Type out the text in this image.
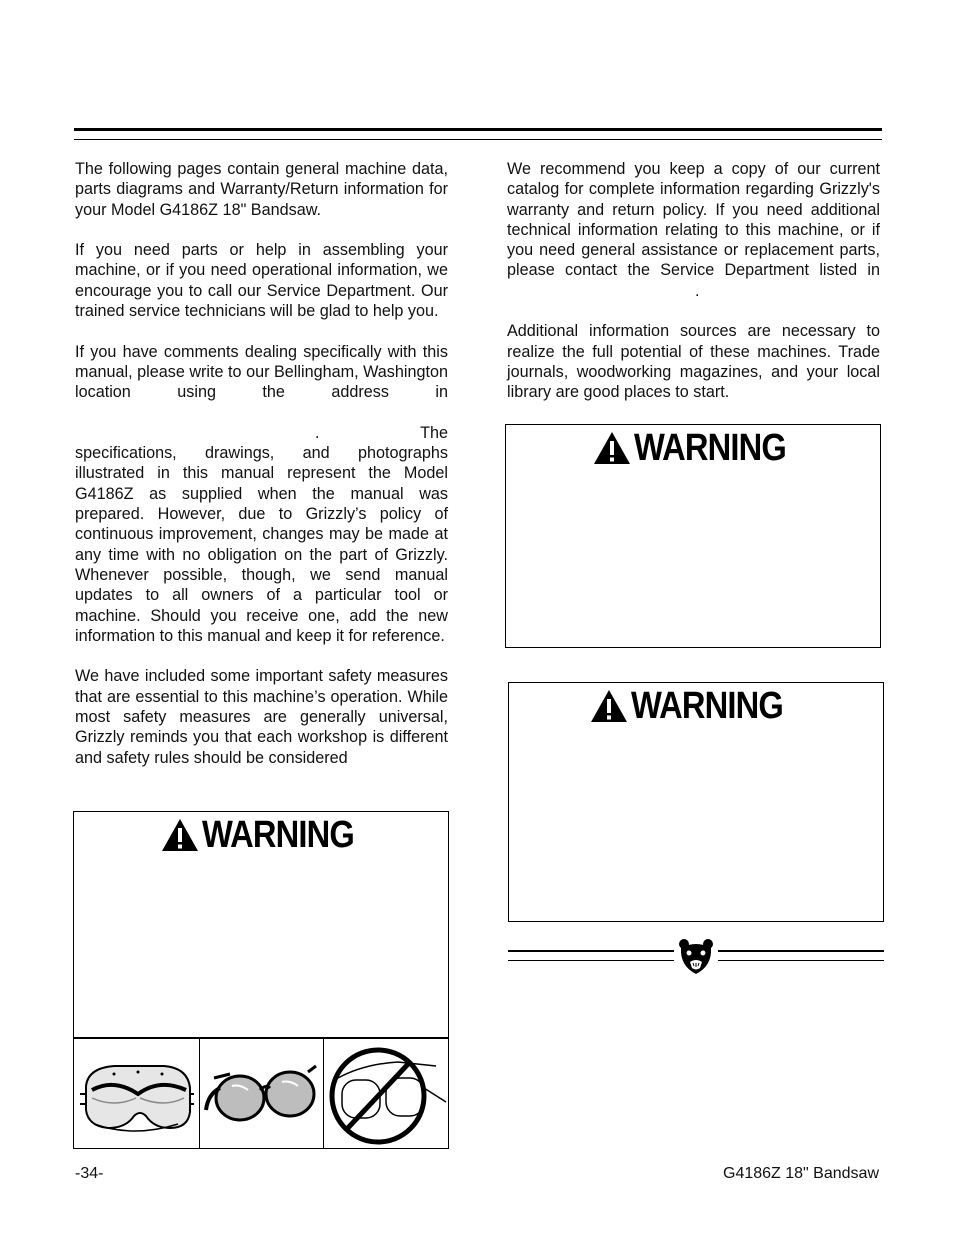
The following pages contain general machine data, parts diagrams and Warranty/Return information for your Model G4186Z 18" Bandsaw.

If you need parts or help in assembling your machine, or if you need operational information, we encourage you to call our Service Department. Our trained service technicians will be glad to help you.

If you have comments dealing specifically with this manual, please write to our Bellingham, Washington location using the address in . The specifications, drawings, and photographs illustrated in this manual represent the Model G4186Z as supplied when the manual was prepared. However, due to Grizzly’s policy of continuous improvement, changes may be made at any time with no obligation on the part of Grizzly. Whenever possible, though, we send manual updates to all owners of a particular tool or machine. Should you receive one, add the new information to this manual and keep it for reference.

We have included some important safety measures that are essential to this machine’s operation. While most safety measures are generally universal, Grizzly reminds you that each workshop is different and safety rules should be considered

We recommend you keep a copy of our current catalog for complete information regarding Grizzly's warranty and return policy. If you need additional technical information relating to this machine, or if you need general assistance or replacement parts, please contact the Service Department listed in.

Additional information sources are necessary to realize the full potential of these machines. Trade journals, woodworking magazines, and your local library are good places to start.

WARNING
WARNING
WARNING
-34-	G4186Z 18" Bandsaw
